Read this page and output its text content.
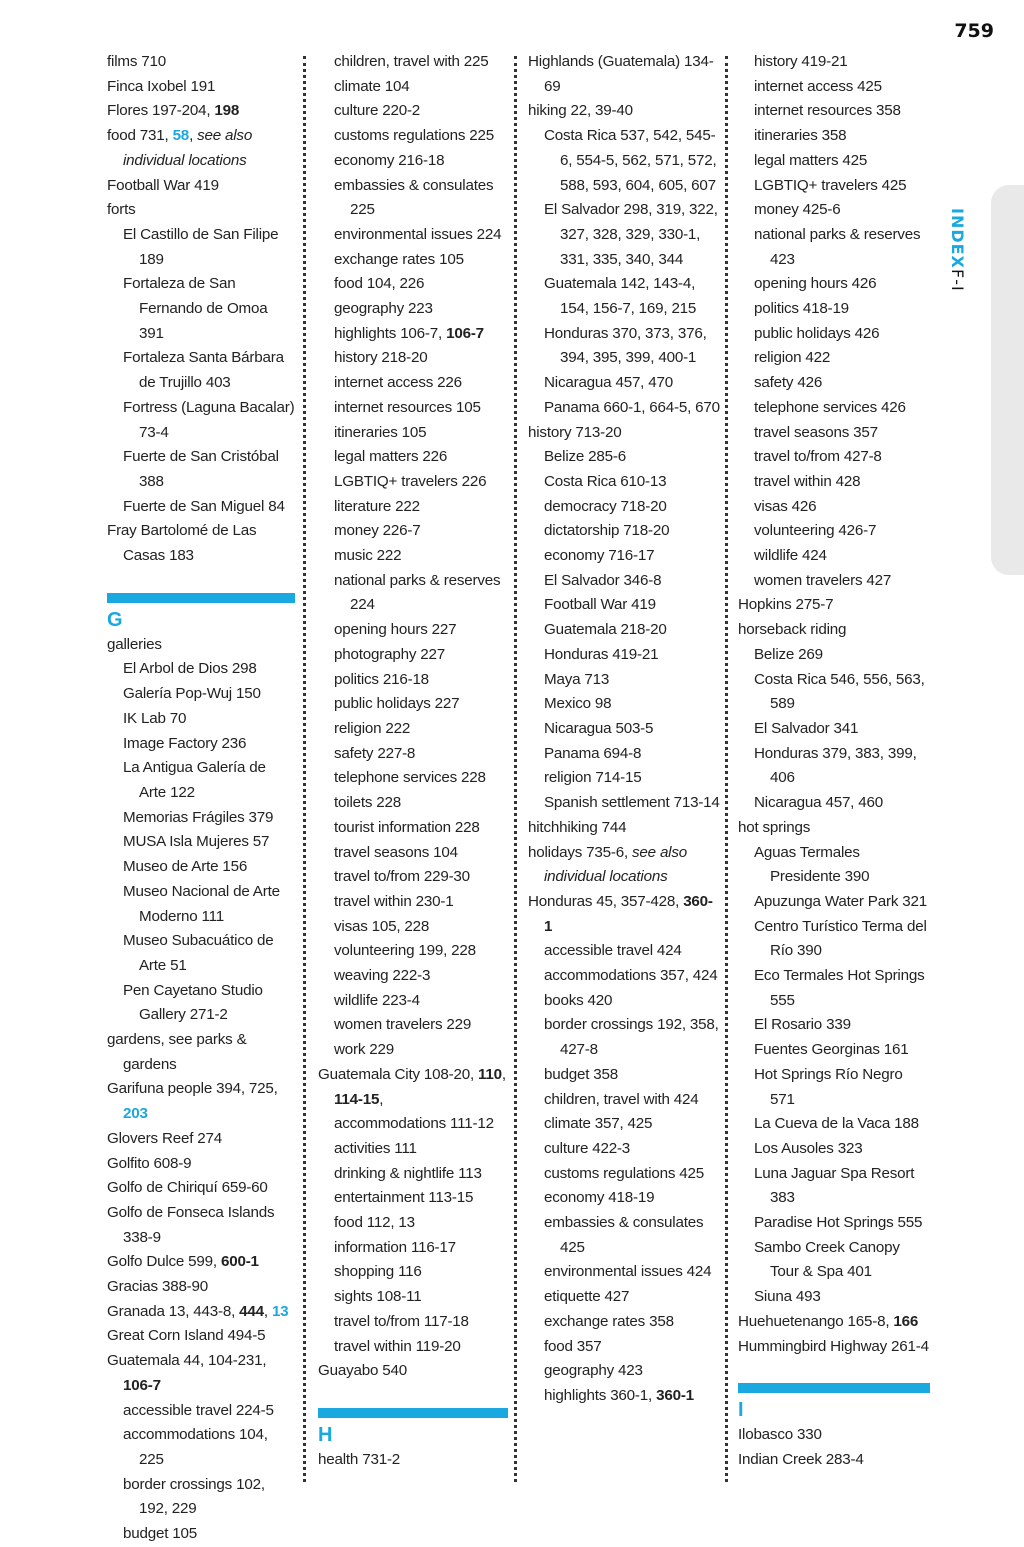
759
INDEXF-I
films 710
Finca Ixobel 191
Flores 197-204, 198
food 731, 58, see also individual locations
Football War 419
forts
El Castillo de San Filipe 189
Fortaleza de San Fernando de Omoa 391
Fortaleza Santa Bárbara de Trujillo 403
Fortress (Laguna Bacalar) 73-4
Fuerte de San Cristóbal 388
Fuerte de San Miguel 84
Fray Bartolomé de Las Casas 183
G
galleries
El Arbol de Dios 298
Galería Pop-Wuj 150
IK Lab 70
Image Factory 236
La Antigua Galería de Arte 122
Memorias Frágiles 379
MUSA Isla Mujeres 57
Museo de Arte 156
Museo Nacional de Arte Moderno 111
Museo Subacuático de Arte 51
Pen Cayetano Studio Gallery 271-2
gardens, see parks & gardens
Garifuna people 394, 725, 203
Glovers Reef 274
Golfito 608-9
Golfo de Chiriquí 659-60
Golfo de Fonseca Islands 338-9
Golfo Dulce 599, 600-1
Gracias 388-90
Granada 13, 443-8, 444, 13
Great Corn Island 494-5
Guatemala 44, 104-231, 106-7
accessible travel 224-5
accommodations 104, 225
border crossings 102, 192, 229
budget 105
children, travel with 225
climate 104
culture 220-2
customs regulations 225
economy 216-18
embassies & consulates 225
environmental issues 224
exchange rates 105
food 104, 226
geography 223
highlights 106-7, 106-7
history 218-20
internet access 226
internet resources 105
itineraries 105
legal matters 226
LGBTIQ+ travelers 226
literature 222
money 226-7
music 222
national parks & reserves 224
opening hours 227
photography 227
politics 216-18
public holidays 227
religion 222
safety 227-8
telephone services 228
toilets 228
tourist information 228
travel seasons 104
travel to/from 229-30
travel within 230-1
visas 105, 228
volunteering 199, 228
weaving 222-3
wildlife 223-4
women travelers 229
work 229
Guatemala City 108-20, 110, 114-15,
accommodations 111-12
activities 111
drinking & nightlife 113
entertainment 113-15
food 112, 13
information 116-17
shopping 116
sights 108-11
travel to/from 117-18
travel within 119-20
Guayabo 540
H
health 731-2
Highlands (Guatemala) 134-69
hiking 22, 39-40
Costa Rica 537, 542, 545-6, 554-5, 562, 571, 572, 588, 593, 604, 605, 607
El Salvador 298, 319, 322, 327, 328, 329, 330-1, 331, 335, 340, 344
Guatemala 142, 143-4, 154, 156-7, 169, 215
Honduras 370, 373, 376, 394, 395, 399, 400-1
Nicaragua 457, 470
Panama 660-1, 664-5, 670
history 713-20
Belize 285-6
Costa Rica 610-13
democracy 718-20
dictatorship 718-20
economy 716-17
El Salvador 346-8
Football War 419
Guatemala 218-20
Honduras 419-21
Maya 713
Mexico 98
Nicaragua 503-5
Panama 694-8
religion 714-15
Spanish settlement 713-14
hitchhiking 744
holidays 735-6, see also individual locations
Honduras 45, 357-428, 360-1
accessible travel 424
accommodations 357, 424
books 420
border crossings 192, 358, 427-8
budget 358
children, travel with 424
climate 357, 425
culture 422-3
customs regulations 425
economy 418-19
embassies & consulates 425
environmental issues 424
etiquette 427
exchange rates 358
food 357
geography 423
highlights 360-1, 360-1
history 419-21
internet access 425
internet resources 358
itineraries 358
legal matters 425
LGBTIQ+ travelers 425
money 425-6
national parks & reserves 423
opening hours 426
politics 418-19
public holidays 426
religion 422
safety 426
telephone services 426
travel seasons 357
travel to/from 427-8
travel within 428
visas 426
volunteering 426-7
wildlife 424
women travelers 427
Hopkins 275-7
horseback riding
Belize 269
Costa Rica 546, 556, 563, 589
El Salvador 341
Honduras 379, 383, 399, 406
Nicaragua 457, 460
hot springs
Aguas Termales Presidente 390
Apuzunga Water Park 321
Centro Turístico Terma del Río 390
Eco Termales Hot Springs 555
El Rosario 339
Fuentes Georginas 161
Hot Springs Río Negro 571
La Cueva de la Vaca 188
Los Ausoles 323
Luna Jaguar Spa Resort 383
Paradise Hot Springs 555
Sambo Creek Canopy Tour & Spa 401
Siuna 493
Huehuetenango 165-8, 166
Hummingbird Highway 261-4
I
Ilobasco 330
Indian Creek 283-4
